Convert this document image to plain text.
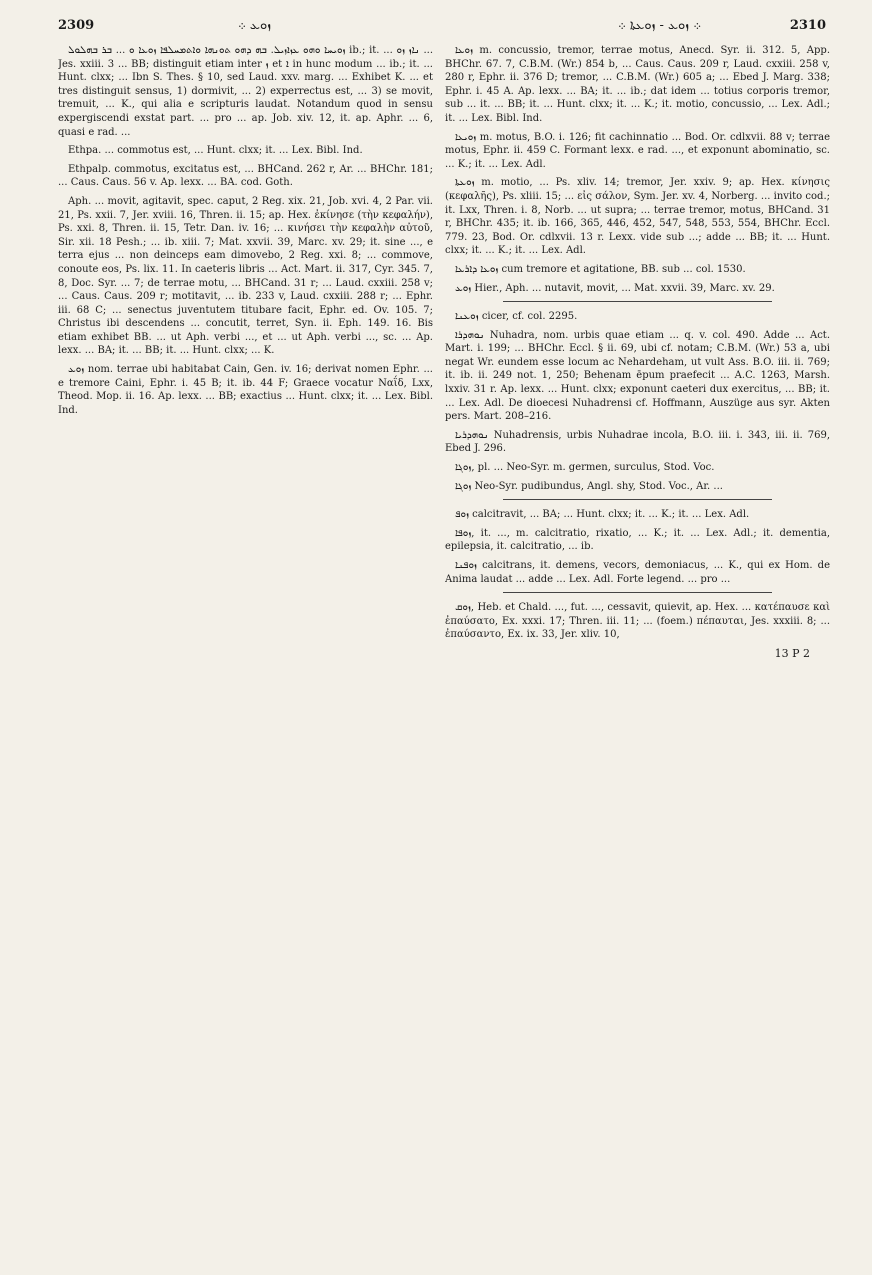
2309	ܙܘܥ ܀	܀ ܙܘܥ - ܙܘܥܬܐ ܀	2310

ܙܘܝܚܐ ܘܗܘ ܥܙܐܙܝܠ. ܒܗ ܕܗܘ ܬܘܢܗܐ ܘܐܬܡܚܠܦܐ ܙܘܥܐ ܘ ... ܒܪ ܒܗܠܘܠ ib.; it. ... ܢܐܙ ܙܘ ... Jes. xxiii. 3 ... BB; distinguit etiam inter ܙ et ܐ in hunc modum ... ib.; it. ... Hunt. clxx; ... Ibn S. Thes. § 10, sed Laud. xxv. marg. ... Exhibet K. ... et tres distinguit sensus, 1) dormivit, ... 2) experrectus est, ... 3) se movit, tremuit, ... K., qui alia e scripturis laudat. Notandum quod in sensu expergiscendi exstat part. ... pro ... ap. Job. xiv. 12, it. ap. Aphr. ... 6, quasi e rad. ...

Ethpa. ... commotus est, ... Hunt. clxx; it. ... Lex. Bibl. Ind.

Ethpalp. commotus, excitatus est, ... BHCand. 262 r, Ar. ... BHChr. 181; ... Caus. Caus. 56 v. Ap. lexx. ... BA. cod. Goth.

Aph. ... movit, agitavit, spec. caput, 2 Reg. xix. 21, Job. xvi. 4, 2 Par. vii. 21, Ps. xxii. 7, Jer. xviii. 16, Thren. ii. 15; ap. Hex. ἐκίνησε (τὴν κεφαλήν), Ps. xxi. 8, Thren. ii. 15, Tetr. Dan. iv. 16; ... κινήσει τὴν κεφαλὴν αὐτοῦ, Sir. xii. 18 Pesh.; ... ib. xiii. 7; Mat. xxvii. 39, Marc. xv. 29; it. sine ..., e terra ejus ... non deinceps eam dimovebo, 2 Reg. xxi. 8; ... commove, conoute eos, Ps. lix. 11. In caeteris libris ... Act. Mart. ii. 317, Cyr. 345. 7, 8, Doc. Syr. ... 7; de terrae motu, ... BHCand. 31 r; ... Laud. cxxiii. 258 v; ... Caus. Caus. 209 r; motitavit, ... ib. 233 v, Laud. cxxiii. 288 r; ... Ephr. iii. 68 C; ... senectus juventutem titubare facit, Ephr. ed. Ov. 105. 7; Christus ibi descendens ... concutit, terret, Syn. ii. Eph. 149. 16. Bis etiam exhibet BB. ... ut Aph. verbi ..., et ... ut Aph. verbi ..., sc. ... Ap. lexx. ... BA; it. ... BB; it. ... Hunt. clxx; ... K.

ܙܘܥ nom. terrae ubi habitabat Cain, Gen. iv. 16; derivat nomen Ephr. ... e tremore Caini, Ephr. i. 45 B; it. ib. 44 F; Graece vocatur Ναΐδ, Lxx, Theod. Mop. ii. 16. Ap. lexx. ... BB; exactius ... Hunt. clxx; it. ... Lex. Bibl. Ind.

ܙܘܥܐ m. concussio, tremor, terrae motus, Anecd. Syr. ii. 312. 5, App. BHChr. 67. 7, C.B.M. (Wr.) 854 b, ... Caus. Caus. 209 r, Laud. cxxiii. 258 v, 280 r, Ephr. ii. 376 D; tremor, ... C.B.M. (Wr.) 605 a; ... Ebed J. Marg. 338; Ephr. i. 45 A. Ap. lexx. ... BA; it. ... ib.; dat idem ... totius corporis tremor, sub ... it. ... BB; it. ... Hunt. clxx; it. ... K.; it. motio, concussio, ... Lex. Adl.; it. ... Lex. Bibl. Ind.

ܙܘܝܥܐ m. motus, B.O. i. 126; fit cachinnatio ... Bod. Or. cdlxvii. 88 v; terrae motus, Ephr. ii. 459 C. Formant lexx. e rad. ..., et exponunt abominatio, sc. ... K.; it. ... Lex. Adl.

ܙܘܥܬܐ m. motio, ... Ps. xliv. 14; tremor, Jer. xxiv. 9; ap. Hex. κίνησις (κεφαλῆς), Ps. xliii. 15; ... εἰς σάλον, Sym. Jer. xv. 4, Norberg. ... invito cod.; it. Lxx, Thren. i. 8, Norb. ... ut supra; ... terrae tremor, motus, BHCand. 31 r, BHChr. 435; it. ib. 166, 365, 446, 452, 547, 548, 553, 554, BHChr. Eccl. 779. 23, Bod. Or. cdlxvii. 13 r. Lexx. vide sub ...; adde ... BB; it. ... Hunt. clxx; it. ... K.; it. ... Lex. Adl.

ܙܘܥܐ ܕܐܪܥܐ cum tremore et agitatione, BB. sub ... col. 1530.

ܙܘܥ Hier., Aph. ... nutavit, movit, ... Mat. xxvii. 39, Marc. xv. 29.

ܙܘܥܢܐ cicer, cf. col. 2295.

ܢܘܗܕܪܐ Nuhadra, nom. urbis quae etiam ... q. v. col. 490. Adde ... Act. Mart. i. 199; ... BHChr. Eccl. § ii. 69, ubi cf. notam; C.B.M. (Wr.) 53 a, ubi negat Wr. eundem esse locum ac Nehardeham, ut vult Ass. B.O. iii. ii. 769; it. ib. ii. 249 not. 1, 250; Behenam ēpum praefecit ... A.C. 1263, Marsh. lxxiv. 31 r. Ap. lexx. ... Hunt. clxx; exponunt caeteri dux exercitus, ... BB; it. ... Lex. Adl. De dioecesi Nuhadrensi cf. Hoffmann, Auszüge aus syr. Akten pers. Mart. 208–216.

ܢܘܗܕܪܝܐ Nuhadrensis, urbis Nuhadrae incola, B.O. iii. i. 343, iii. ii. 769, Ebed J. 296.

ܙܘܓܐ, pl. ... Neo-Syr. m. germen, surculus, Stod. Voc.

ܙܘܓܐ Neo-Syr. pudibundus, Angl. shy, Stod. Voc., Ar. ...

ܙܘܦ calcitravit, ... BA; ... Hunt. clxx; it. ... K.; it. ... Lex. Adl.

ܙܘܦܐ, it. ..., m. calcitratio, rixatio, ... K.; it. ... Lex. Adl.; it. dementia, epilepsia, it. calcitratio, ... ib.

ܙܘܦܢܐ calcitrans, it. demens, vecors, demoniacus, ... K., qui ex Hom. de Anima laudat ... adde ... Lex. Adl. Forte legend. ... pro ...

ܙܘܩ, Heb. et Chald. ..., fut. ..., cessavit, quievit, ap. Hex. ... κατέπαυσε καὶ ἐπαύσατο, Ex. xxxi. 17; Thren. iii. 11; ... (foem.) πέπαυται, Jes. xxxiii. 8; ... ἐπαύσαντο, Ex. ix. 33, Jer. xliv. 10,

13 P 2
